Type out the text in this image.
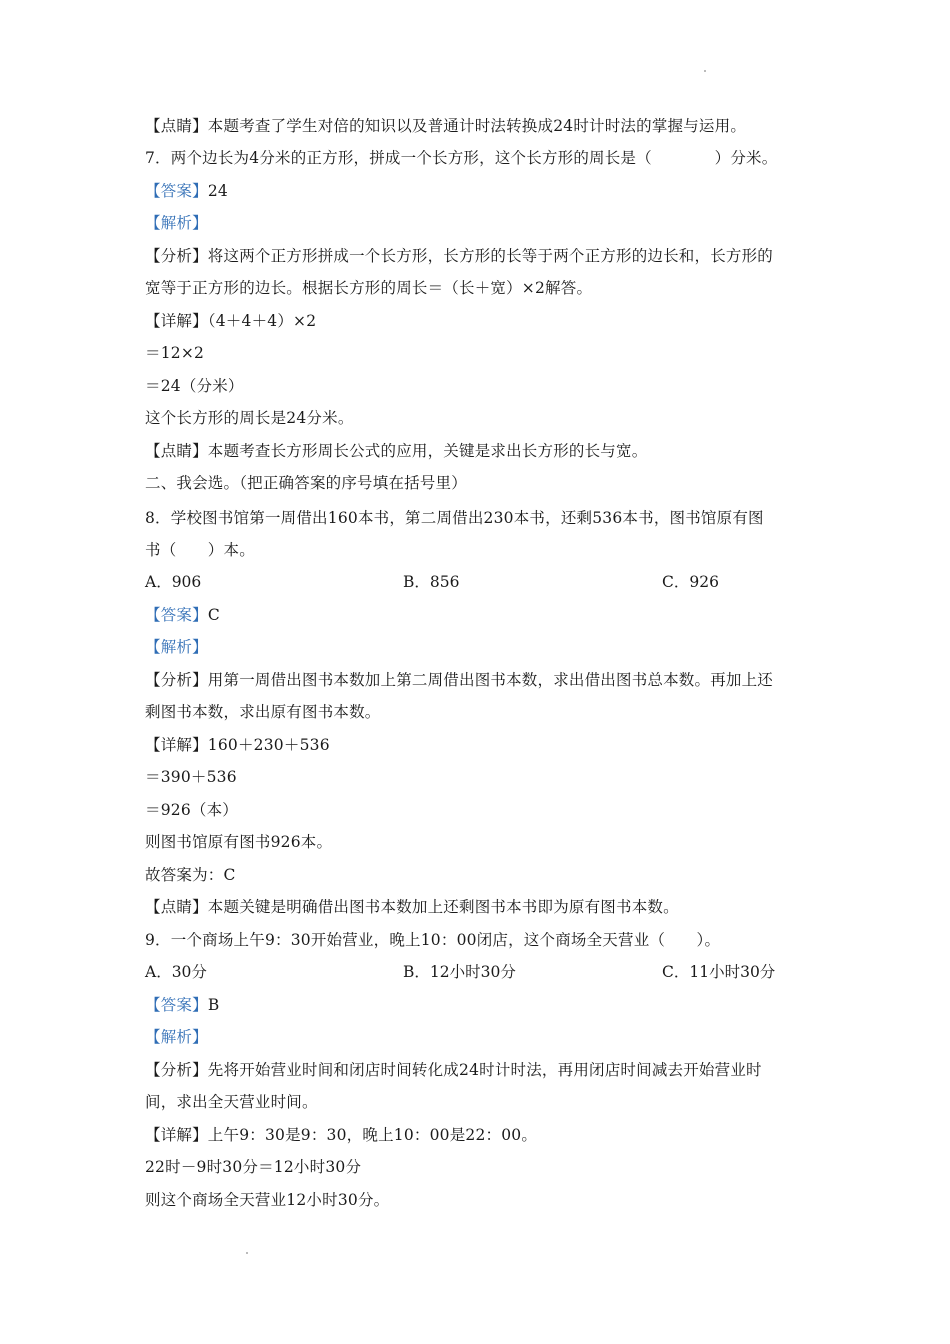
【点睛】本题考查了学生对倍的知识以及普通计时法转换成24时计时法的掌握与运用。
7．两个边长为4分米的正方形，拼成一个长方形，这个长方形的周长是（　　　　）分米。
【答案】24
【解析】
【分析】将这两个正方形拼成一个长方形，长方形的长等于两个正方形的边长和，长方形的
宽等于正方形的边长。根据长方形的周长＝（长＋宽）×2解答。
【详解】（4＋4＋4）×2
＝12×2
＝24（分米）
这个长方形的周长是24分米。
【点睛】本题考查长方形周长公式的应用，关键是求出长方形的长与宽。
二、我会选。（把正确答案的序号填在括号里）
8．学校图书馆第一周借出160本书，第二周借出230本书，还剩536本书，图书馆原有图
书（　　）本。
A．906	B．856	C．926
【答案】C
【解析】
【分析】用第一周借出图书本数加上第二周借出图书本数，求出借出图书总本数。再加上还
剩图书本数，求出原有图书本数。
【详解】160＋230＋536
＝390＋536
＝926（本）
则图书馆原有图书926本。
故答案为：C
【点睛】本题关键是明确借出图书本数加上还剩图书本书即为原有图书本数。
9．一个商场上午9：30开始营业，晚上10：00闭店，这个商场全天营业（　　）。
A．30分	B．12小时30分	C．11小时30分
【答案】B
【解析】
【分析】先将开始营业时间和闭店时间转化成24时计时法，再用闭店时间减去开始营业时
间，求出全天营业时间。
【详解】上午9：30是9：30，晚上10：00是22：00。
22时－9时30分＝12小时30分
则这个商场全天营业12小时30分。
